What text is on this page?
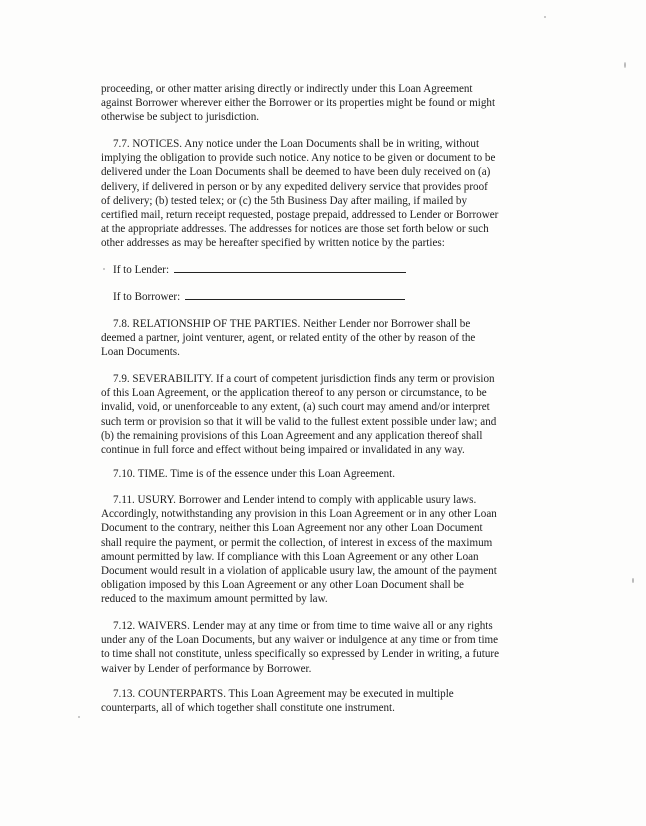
proceeding, or other matter arising directly or indirectly under this Loan Agreement
against Borrower wherever either the Borrower or its properties might be found or might
otherwise be subject to jurisdiction.
7.7. NOTICES. Any notice under the Loan Documents shall be in writing, without
implying the obligation to provide such notice. Any notice to be given or document to be
delivered under the Loan Documents shall be deemed to have been duly received on (a)
delivery, if delivered in person or by any expedited delivery service that provides proof
of delivery; (b) tested telex; or (c) the 5th Business Day after mailing, if mailed by
certified mail, return receipt requested, postage prepaid, addressed to Lender or Borrower
at the appropriate addresses. The addresses for notices are those set forth below or such
other addresses as may be hereafter specified by written notice by the parties:
If to Lender:
If to Borrower:
7.8. RELATIONSHIP OF THE PARTIES. Neither Lender nor Borrower shall be
deemed a partner, joint venturer, agent, or related entity of the other by reason of the
Loan Documents.
7.9. SEVERABILITY. If a court of competent jurisdiction finds any term or provision
of this Loan Agreement, or the application thereof to any person or circumstance, to be
invalid, void, or unenforceable to any extent, (a) such court may amend and/or interpret
such term or provision so that it will be valid to the fullest extent possible under law; and
(b) the remaining provisions of this Loan Agreement and any application thereof shall
continue in full force and effect without being impaired or invalidated in any way.
7.10. TIME. Time is of the essence under this Loan Agreement.
7.11. USURY. Borrower and Lender intend to comply with applicable usury laws.
Accordingly, notwithstanding any provision in this Loan Agreement or in any other Loan
Document to the contrary, neither this Loan Agreement nor any other Loan Document
shall require the payment, or permit the collection, of interest in excess of the maximum
amount permitted by law. If compliance with this Loan Agreement or any other Loan
Document would result in a violation of applicable usury law, the amount of the payment
obligation imposed by this Loan Agreement or any other Loan Document shall be
reduced to the maximum amount permitted by law.
7.12. WAIVERS. Lender may at any time or from time to time waive all or any rights
under any of the Loan Documents, but any waiver or indulgence at any time or from time
to time shall not constitute, unless specifically so expressed by Lender in writing, a future
waiver by Lender of performance by Borrower.
7.13. COUNTERPARTS. This Loan Agreement may be executed in multiple
counterparts, all of which together shall constitute one instrument.
